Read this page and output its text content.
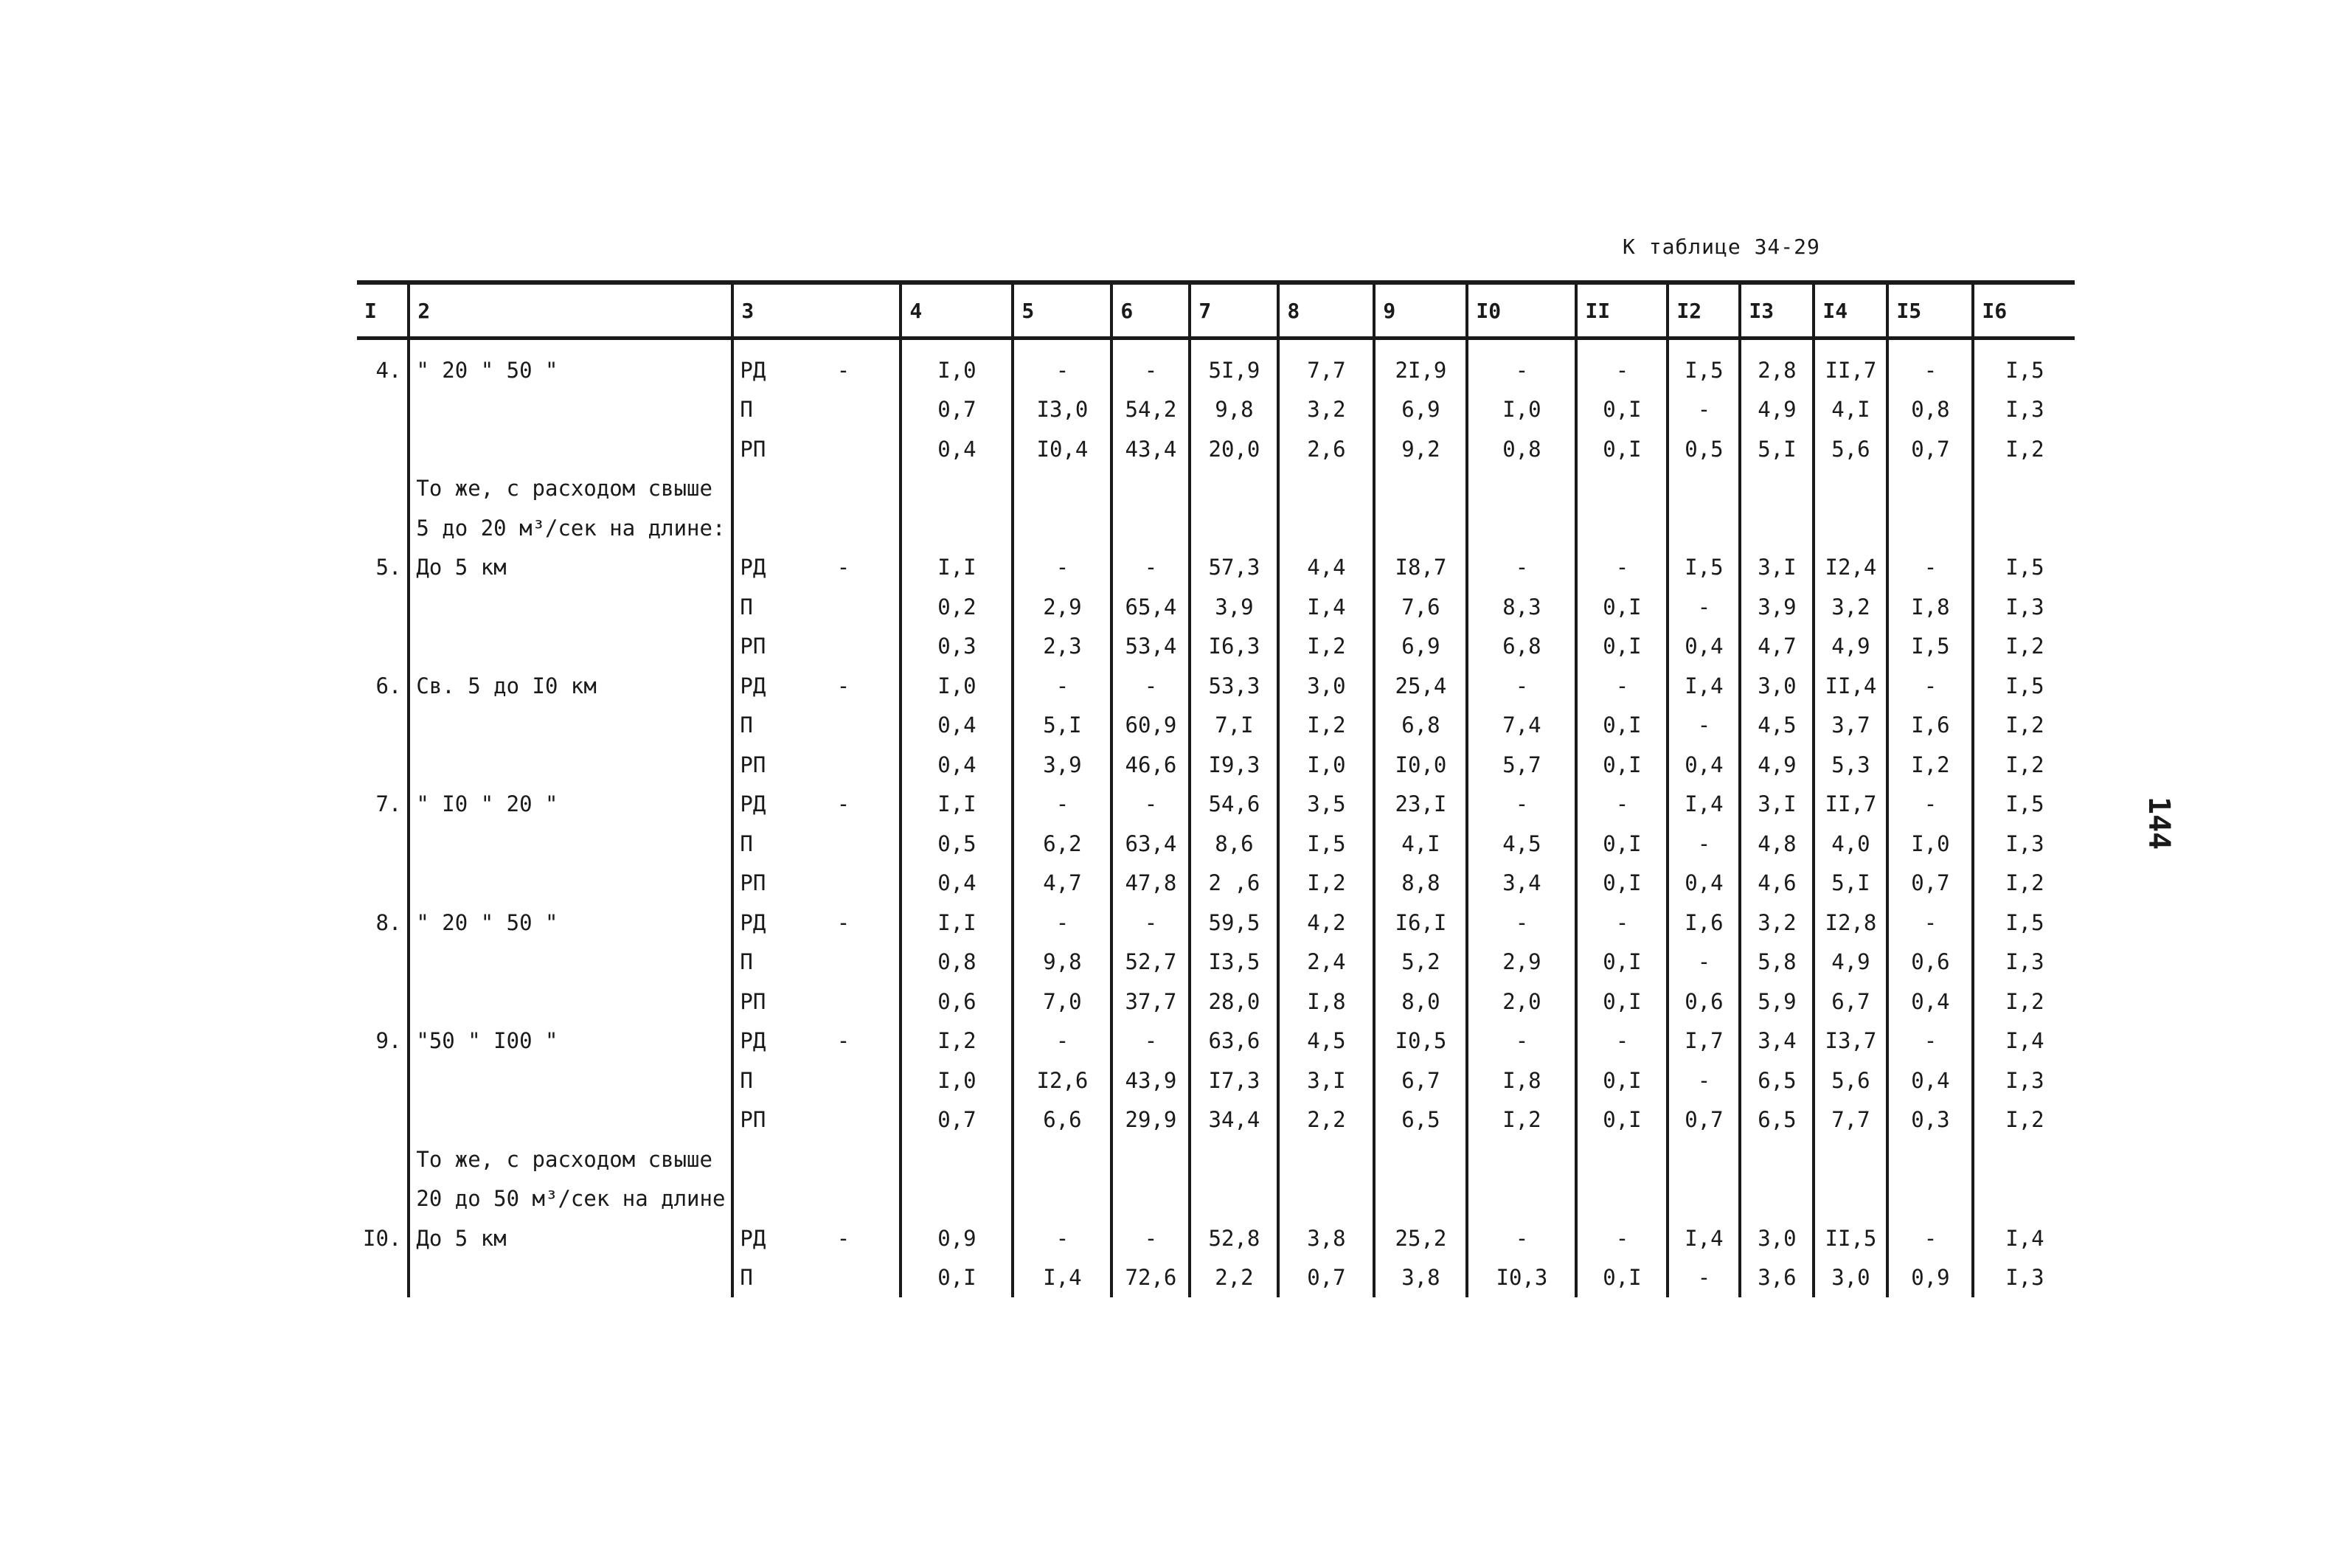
К таблице 34-29
144
I	2	3	4	5	6	7	8	9	I0	II	I2	I3	I4	I5	I6
4.	" 20 " 50 "	РД -	I,0	-	-	5I,9	7,7	2I,9	-	-	I,5	2,8	II,7	-	I,5
		П	0,7	I3,0	54,2	9,8	3,2	6,9	I,0	0,I	-	4,9	4,I	0,8	I,3
		РП	0,4	I0,4	43,4	20,0	2,6	9,2	0,8	0,I	0,5	5,I	5,6	0,7	I,2
	То же, с расходом свыше														
	5 до 20 м³/сек на длине:														
5.	До 5 км	РД -	I,I	-	-	57,3	4,4	I8,7	-	-	I,5	3,I	I2,4	-	I,5
		П	0,2	2,9	65,4	3,9	I,4	7,6	8,3	0,I	-	3,9	3,2	I,8	I,3
		РП	0,3	2,3	53,4	I6,3	I,2	6,9	6,8	0,I	0,4	4,7	4,9	I,5	I,2
6.	Св. 5 до I0 км	РД -	I,0	-	-	53,3	3,0	25,4	-	-	I,4	3,0	II,4	-	I,5
		П	0,4	5,I	60,9	7,I	I,2	6,8	7,4	0,I	-	4,5	3,7	I,6	I,2
		РП	0,4	3,9	46,6	I9,3	I,0	I0,0	5,7	0,I	0,4	4,9	5,3	I,2	I,2
7.	" I0 " 20 "	РД -	I,I	-	-	54,6	3,5	23,I	-	-	I,4	3,I	II,7	-	I,5
		П	0,5	6,2	63,4	8,6	I,5	4,I	4,5	0,I	-	4,8	4,0	I,0	I,3
		РП	0,4	4,7	47,8	2 ,6	I,2	8,8	3,4	0,I	0,4	4,6	5,I	0,7	I,2
8.	" 20 " 50 "	РД -	I,I	-	-	59,5	4,2	I6,I	-	-	I,6	3,2	I2,8	-	I,5
		П	0,8	9,8	52,7	I3,5	2,4	5,2	2,9	0,I	-	5,8	4,9	0,6	I,3
		РП	0,6	7,0	37,7	28,0	I,8	8,0	2,0	0,I	0,6	5,9	6,7	0,4	I,2
9.	"50 " I00 "	РД -	I,2	-	-	63,6	4,5	I0,5	-	-	I,7	3,4	I3,7	-	I,4
		П	I,0	I2,6	43,9	I7,3	3,I	6,7	I,8	0,I	-	6,5	5,6	0,4	I,3
		РП	0,7	6,6	29,9	34,4	2,2	6,5	I,2	0,I	0,7	6,5	7,7	0,3	I,2
	То же, с расходом свыше														
	20 до 50 м³/сек на длине														
I0.	До 5 км	РД -	0,9	-	-	52,8	3,8	25,2	-	-	I,4	3,0	II,5	-	I,4
		П	0,I	I,4	72,6	2,2	0,7	3,8	I0,3	0,I	-	3,6	3,0	0,9	I,3
